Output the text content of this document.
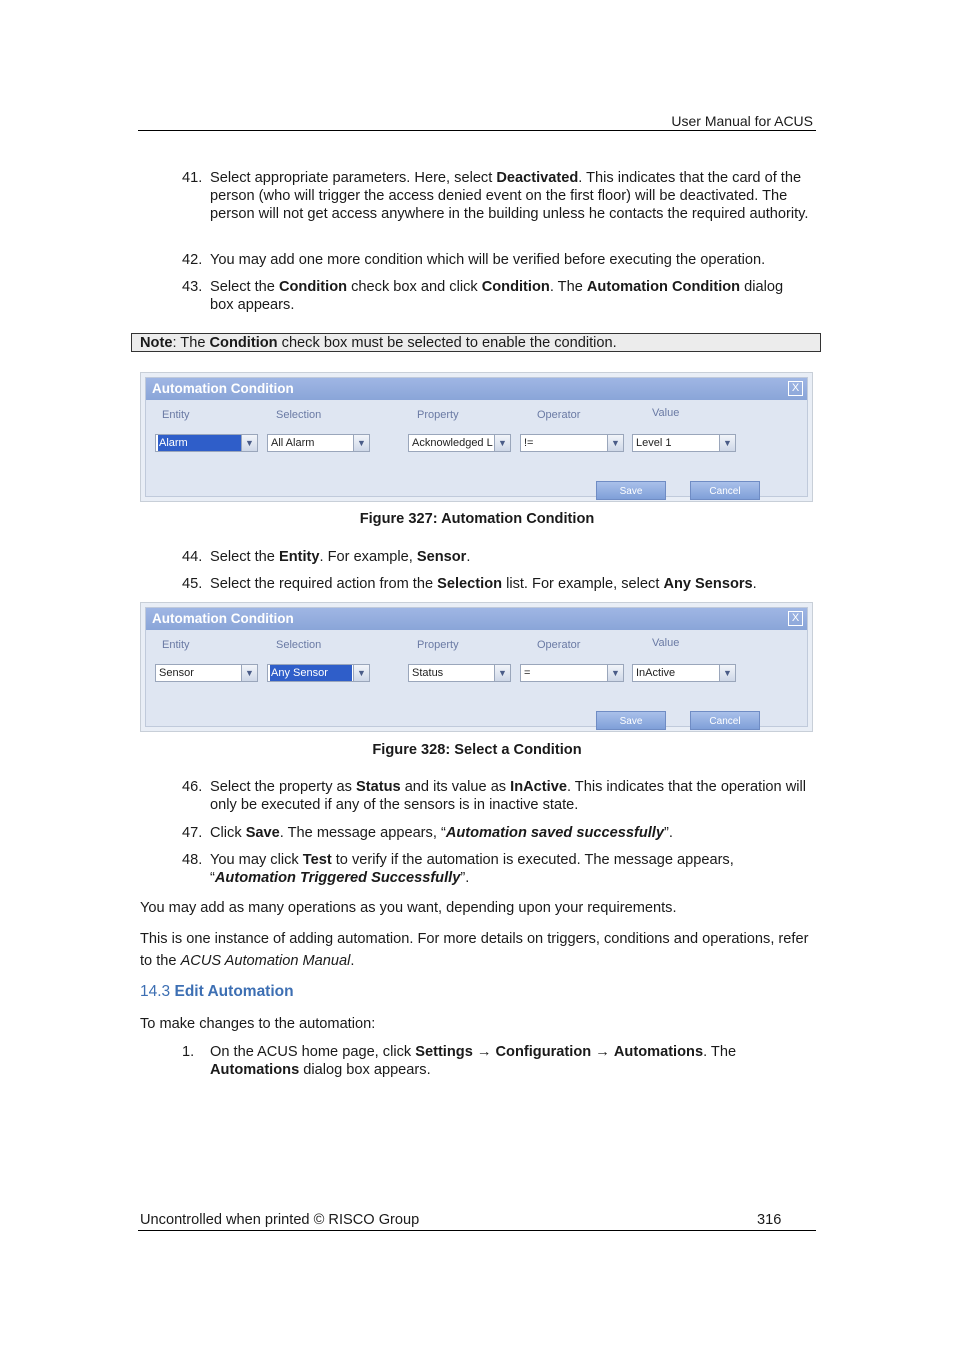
User Manual for ACUS
41. Select appropriate parameters. Here, select Deactivated. This indicates that the card of the person (who will trigger the access denied event on the first floor) will be deactivated. The person will not get access anywhere in the building unless he contacts the required authority.
42. You may add one more condition which will be verified before executing the operation.
43. Select the Condition check box and click Condition. The Automation Condition dialog box appears.
Note: The Condition check box must be selected to enable the condition.
Automation Condition	X
Entity	Selection	Property	Operator	Value
Alarm	▼	All Alarm	▼	Acknowledged L ▼	!=	▼	Level 1	▼
Save	Cancel
Figure 327: Automation Condition
44. Select the Entity. For example, Sensor.
45. Select the required action from the Selection list. For example, select Any Sensors.
Automation Condition	X
Entity	Selection	Property	Operator	Value
Sensor	▼	Any Sensor	▼	Status	▼	=	▼	InActive	▼
Save	Cancel
Figure 328: Select a Condition
46. Select the property as Status and its value as InActive. This indicates that the operation will only be executed if any of the sensors is in inactive state.
47. Click Save. The message appears, “Automation saved successfully”.
48. You may click Test to verify if the automation is executed. The message appears, “Automation Triggered Successfully”.
You may add as many operations as you want, depending upon your requirements.
This is one instance of adding automation. For more details on triggers, conditions and operations, refer to the ACUS Automation Manual.
14.3 Edit Automation
To make changes to the automation:
1.	On the ACUS home page, click Settings → Configuration → Automations. The Automations dialog box appears.
Uncontrolled when printed © RISCO Group	316
